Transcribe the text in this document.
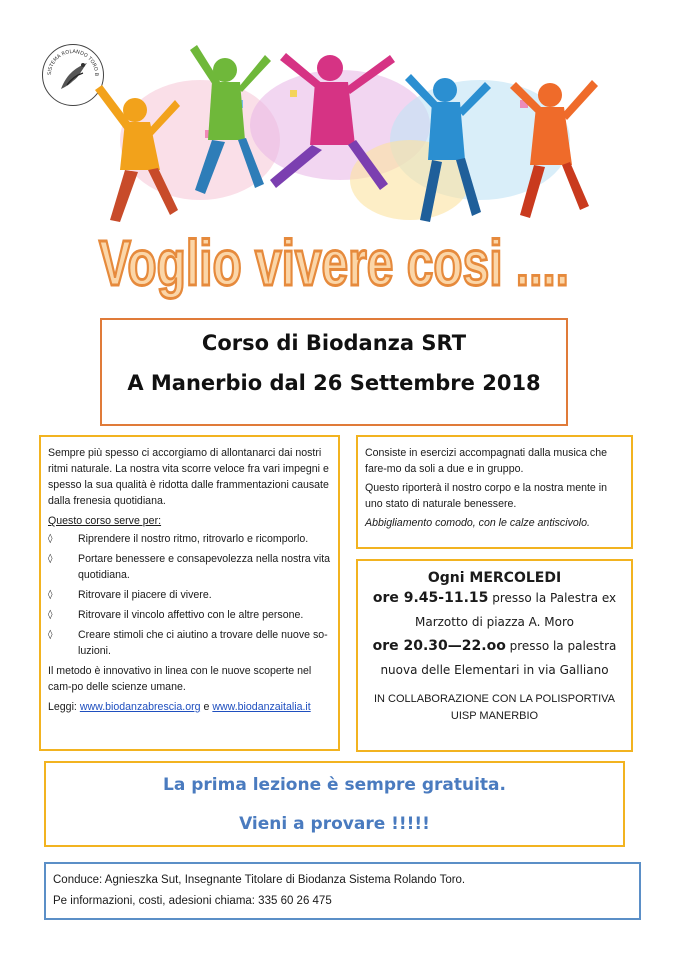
SISTEMA ROLANDO TORO B
Voglio vivere cosi ....
Corso di Biodanza SRT
A Manerbio dal 26 Settembre 2018

Sempre più spesso ci accorgiamo di allontanarci dai nostri ritmi naturale. La nostra vita scorre veloce fra vari impegni e spesso la sua qualità è ridotta dalle frammentazioni causate dalla frenesia quotidiana.

Questo corso serve per:

◊	Riprendere il nostro ritmo, ritrovarlo e ricomporlo.
◊	Portare benessere e consapevolezza nella nostra vita quotidiana.
◊	Ritrovare il piacere di vivere.
◊	Ritrovare il vincolo affettivo con le altre persone.
◊	Creare stimoli che ci aiutino a trovare delle nuove so-luzioni.

Il metodo è innovativo in linea con le nuove scoperte nel cam-po delle scienze umane.

Leggi: www.biodanzabrescia.org e www.biodanzaitalia.it

Consiste in esercizi accompagnati dalla musica che fare-mo da soli a due e in gruppo.

Questo riporterà il nostro corpo e la nostra mente in uno stato di naturale benessere.

Abbigliamento comodo, con le calze antiscivolo.

Ogni MERCOLEDI
ore 9.45-11.15 presso la Palestra ex
Marzotto di piazza A. Moro
ore 20.30—22.oo presso la palestra
nuova delle Elementari in via Galliano
IN COLLABORAZIONE CON LA POLISPORTIVA
UISP MANERBIO
La prima lezione è sempre gratuita.
Vieni a provare !!!!!
Conduce: Agnieszka Sut, Insegnante Titolare di Biodanza Sistema Rolando Toro.
Pe informazioni, costi, adesioni chiama: 335 60 26 475
